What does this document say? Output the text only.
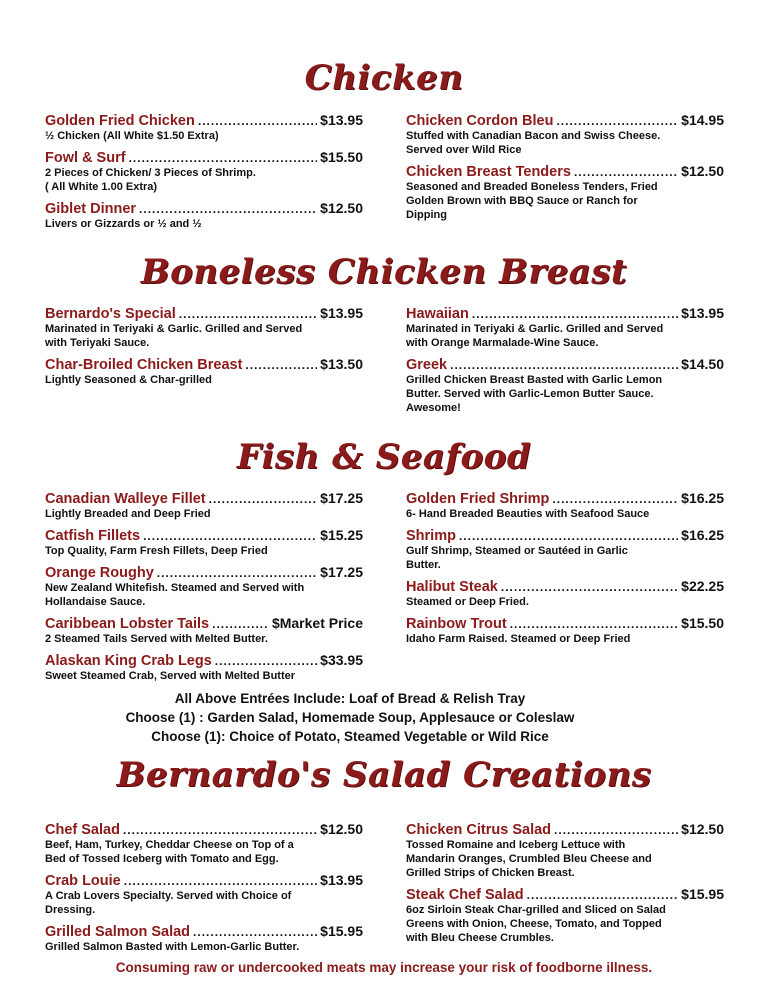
Chicken
Golden Fried Chicken .....	$13.95
½ Chicken (All White $1.50 Extra)
Fowl & Surf .....	$15.50
2 Pieces of Chicken/ 3 Pieces of Shrimp.
( All White 1.00 Extra)
Giblet Dinner .....	$12.50
Livers or Gizzards or ½ and ½
Chicken Cordon Bleu .....	$14.95
Stuffed with Canadian Bacon and Swiss Cheese.
Served over Wild Rice
Chicken Breast Tenders .....	$12.50
Seasoned and Breaded Boneless Tenders, Fried
Golden Brown with BBQ Sauce or Ranch for
Dipping
Boneless Chicken Breast
Bernardo's Special .....	$13.95
Marinated in Teriyaki & Garlic. Grilled and Served
with Teriyaki Sauce.
Char-Broiled Chicken Breast .....	$13.50
Lightly Seasoned & Char-grilled
Hawaiian .....	$13.95
Marinated in Teriyaki & Garlic. Grilled and Served
with Orange Marmalade-Wine Sauce.
Greek .....	$14.50
Grilled Chicken Breast Basted with Garlic Lemon
Butter. Served with Garlic-Lemon Butter Sauce.
Awesome!
Fish & Seafood
Canadian Walleye Fillet .....	$17.25
Lightly Breaded and Deep Fried
Catfish Fillets .....	$15.25
Top Quality, Farm Fresh Fillets, Deep Fried
Orange Roughy .....	$17.25
New Zealand Whitefish. Steamed and Served with
Hollandaise Sauce.
Caribbean Lobster Tails .....	$Market Price
2 Steamed Tails Served with Melted Butter.
Alaskan King Crab Legs .....	$33.95
Sweet Steamed Crab, Served with Melted Butter
Golden Fried Shrimp .....	$16.25
6- Hand Breaded Beauties with Seafood Sauce
Shrimp .....	$16.25
Gulf Shrimp, Steamed or Sautéed in Garlic
Butter.
Halibut Steak .....	$22.25
Steamed or Deep Fried.
Rainbow Trout .....	$15.50
Idaho Farm Raised. Steamed or Deep Fried
All Above Entrées Include: Loaf of Bread & Relish Tray
Choose (1) : Garden Salad, Homemade Soup, Applesauce or Coleslaw
Choose (1): Choice of Potato, Steamed Vegetable or Wild Rice
Bernardo's Salad Creations
Chef Salad .....	$12.50
Beef, Ham, Turkey, Cheddar Cheese on Top of a
Bed of Tossed Iceberg with Tomato and Egg.
Crab Louie .....	$13.95
A Crab Lovers Specialty. Served with Choice of
Dressing.
Grilled Salmon Salad .....	$15.95
Grilled Salmon Basted with Lemon-Garlic Butter.
Chicken Citrus Salad .....	$12.50
Tossed Romaine and Iceberg Lettuce with
Mandarin Oranges, Crumbled Bleu Cheese and
Grilled Strips of Chicken Breast.
Steak Chef Salad .....	$15.95
6oz Sirloin Steak Char-grilled and Sliced on Salad
Greens with Onion, Cheese, Tomato, and Topped
with Bleu Cheese Crumbles.
Consuming raw or undercooked meats may increase your risk of foodborne illness.
